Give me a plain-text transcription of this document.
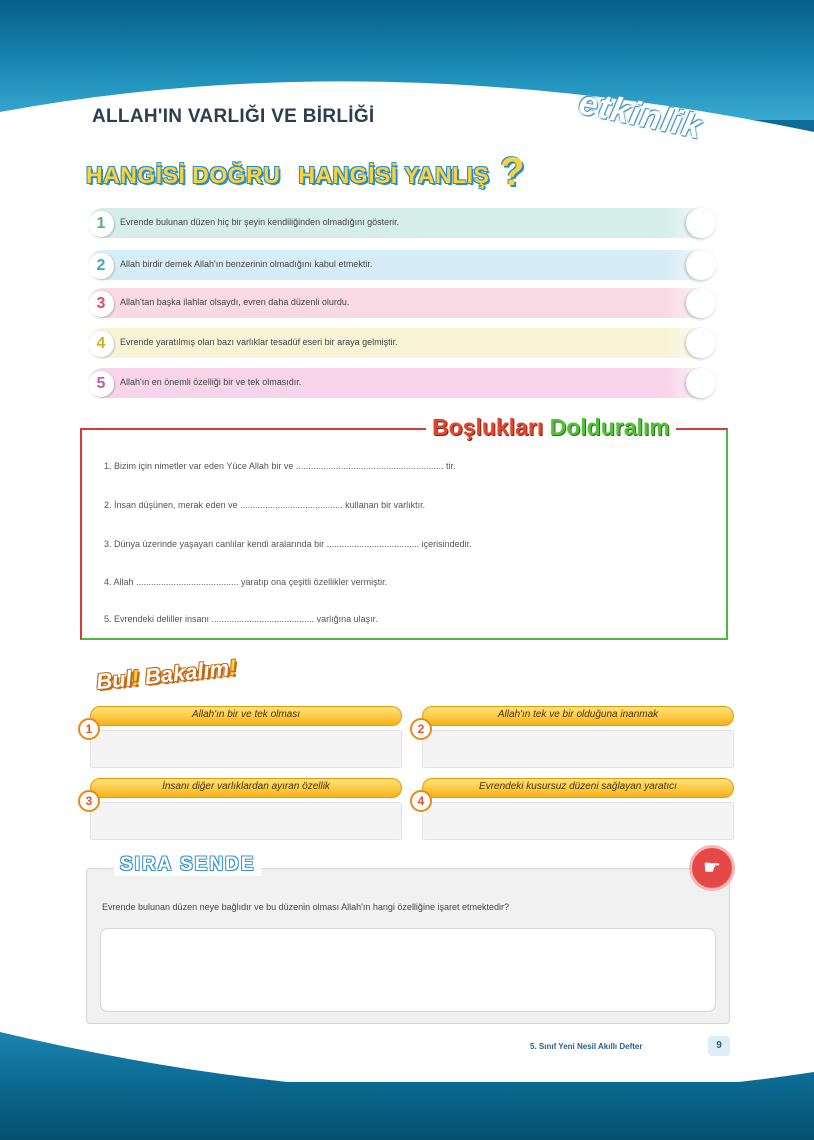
ALLAH'IN VARLIĞI VE BİRLİĞİ	etkinlik
HANGİSİ DOĞRU HANGİSİ YANLIŞ ?
1	Evrende bulunan düzen hiç bir şeyin kendiliğinden olmadığını gösterir.
2	Allah birdir demek Allah'ın benzerinin olmadığını kabul etmektir.
3	Allah'tan başka ilahlar olsaydı, evren daha düzenli olurdu.
4	Evrende yaratılmış olan bazı varlıklar tesadüf eseri bir araya gelmiştir.
5	Allah'ın en önemli özelliği bir ve tek olmasıdır.
Boşlukları Dolduralım
1. Bizim için nimetler var eden Yüce Allah bir ve ........................................................... tir.
2. İnsan düşünen, merak eden ve ......................................... kullanan bir varlıktır.
3. Dünya üzerinde yaşayan canlılar kendi aralarında bir ..................................... içerisindedir.
4. Allah ......................................... yaratıp ona çeşitli özellikler vermiştir.
5. Evrendeki deliller insanı ......................................... varlığına ulaşır.
Bul! Bakalım!
Allah'ın bir ve tek olması
1
Allah'ın tek ve bir olduğuna inanmak
2
İnsanı diğer varlıklardan ayıran özellik
3
Evrendeki kusursuz düzeni sağlayan yaratıcı
4
SIRA SENDE	☛
Evrende bulunan düzen neye bağlıdır ve bu düzenin olması Allah'ın hangi özelliğine işaret etmektedir?
5. Sınıf Yeni Nesil Akıllı Defter	9
